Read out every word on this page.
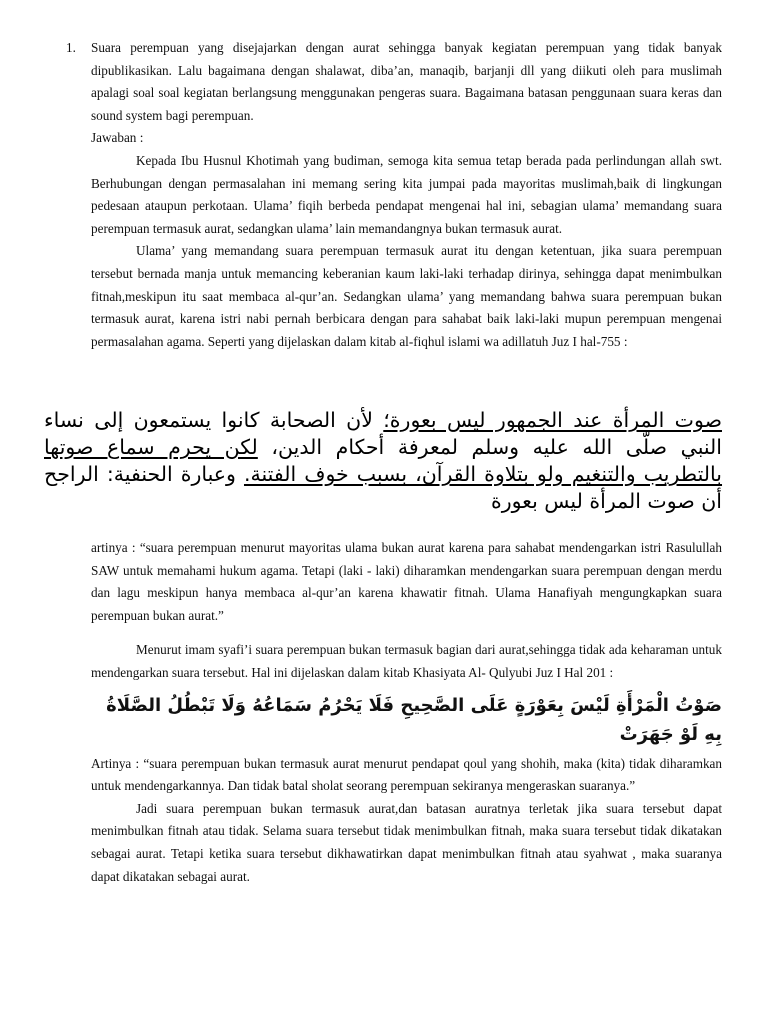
1. Suara perempuan yang disejajarkan dengan aurat sehingga banyak kegiatan perempuan yang tidak banyak dipublikasikan. Lalu bagaimana dengan shalawat, diba’an, manaqib, barjanji dll yang diikuti oleh para muslimah apalagi soal soal kegiatan berlangsung menggunakan pengeras suara. Bagaimana batasan penggunaan suara keras dan sound system bagi perempuan.

Jawaban :

Kepada Ibu Husnul Khotimah yang budiman, semoga kita semua tetap berada pada perlindungan allah swt. Berhubungan dengan permasalahan ini memang sering kita jumpai pada mayoritas muslimah,baik di lingkungan pedesaan ataupun perkotaan. Ulama’ fiqih berbeda pendapat mengenai hal ini, sebagian ulama’ memandang suara perempuan termasuk aurat, sedangkan ulama’ lain memandangnya bukan termasuk aurat.

Ulama’ yang memandang suara perempuan termasuk aurat itu dengan ketentuan, jika suara perempuan tersebut bernada manja untuk memancing keberanian kaum laki-laki terhadap dirinya, sehingga dapat menimbulkan fitnah,meskipun itu saat membaca al-qur’an. Sedangkan ulama’ yang memandang bahwa suara perempuan bukan termasuk aurat, karena istri nabi pernah berbicara dengan para sahabat baik laki-laki mupun perempuan mengenai permasalahan agama. Seperti yang dijelaskan dalam kitab al-fiqhul islami wa adillatuh Juz I hal-755 :

صوت المرأة عند الجمهور ليس بعورة؛ لأن الصحابة كانوا يستمعون إلى نساء النبي صلّى الله عليه وسلم لمعرفة أحكام الدين، لكن يحرم سماع صوتها بالتطريب والتنغيم ولو بتلاوة القرآن، بسبب خوف الفتنة. وعبارة الحنفية: الراجح أن صوت المرأة ليس بعورة

artinya : “suara perempuan menurut mayoritas ulama bukan aurat karena para sahabat mendengarkan istri Rasulullah SAW untuk memahami hukum agama. Tetapi (laki - laki) diharamkan mendengarkan suara perempuan dengan merdu dan lagu meskipun hanya membaca al-qur’an karena khawatir fitnah. Ulama Hanafiyah mengungkapkan suara perempuan bukan aurat.”

Menurut imam syafi’i suara perempuan bukan termasuk bagian dari aurat,sehingga tidak ada keharaman untuk mendengarkan suara tersebut. Hal ini dijelaskan dalam kitab Khasiyata Al- Qulyubi Juz I Hal 201 :

صَوْتُ الْمَرْأَةِ لَيْسَ بِعَوْرَةٍ عَلَى الصَّحِيحِ فَلَا يَحْرُمُ سَمَاعُهُ وَلَا تَبْطُلُ الصَّلَاةُ بِهِ لَوْ جَهَرَتْ

Artinya : “suara perempuan bukan termasuk aurat menurut pendapat qoul yang shohih, maka (kita) tidak diharamkan untuk mendengarkannya. Dan tidak batal sholat seorang perempuan sekiranya mengeraskan suaranya.”

Jadi suara perempuan bukan termasuk aurat,dan batasan auratnya terletak jika suara tersebut dapat menimbulkan fitnah atau tidak. Selama suara tersebut tidak menimbulkan fitnah, maka suara tersebut tidak dikatakan sebagai aurat. Tetapi ketika suara tersebut dikhawatirkan dapat menimbulkan fitnah atau syahwat , maka suaranya dapat dikatakan sebagai aurat.
